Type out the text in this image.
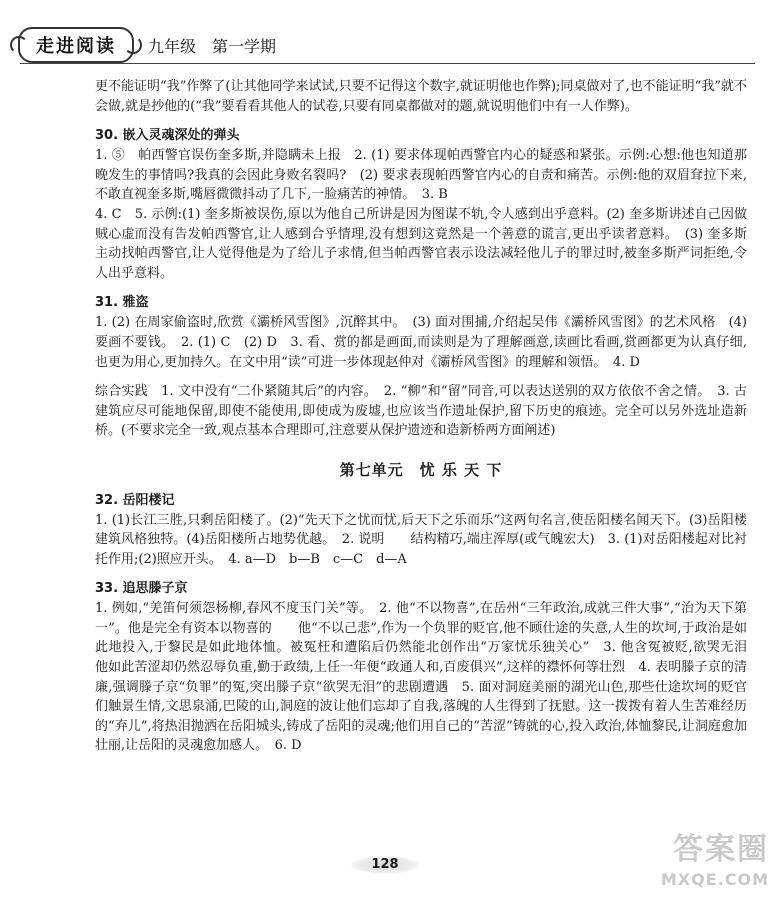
走进阅读 九年级　第一学期

更不能证明“我”作弊了(让其他同学来试试,只要不记得这个数字,就证明他也作弊);同桌做对了,也不能证明“我”就不会做,就是抄他的(“我”要看看其他人的试卷,只要有同桌都做对的题,就说明他们中有一人作弊)。

30. 嵌入灵魂深处的弹头

1. ⑤　帕西警官误伤奎多斯,并隐瞒未上报　2. (1) 要求体现帕西警官内心的疑惑和紧张。示例:心想:他也知道那晚发生的事情吗?我真的会因此身败名裂吗?　(2) 要求表现帕西警官内心的自责和痛苦。示例:他的双眉耷拉下来,不敢直视奎多斯,嘴唇微微抖动了几下,一脸痛苦的神情。　3. B

4. C　5. 示例:(1) 奎多斯被误伤,原以为他自己所讲是因为图谋不轨,令人感到出乎意料。(2) 奎多斯讲述自己因做贼心虚而没有告发帕西警官,让人感到合乎情理,没有想到这竟然是一个善意的谎言,更出乎读者意料。　(3) 奎多斯主动找帕西警官,让人觉得他是为了给儿子求情,但当帕西警官表示设法减轻他儿子的罪过时,被奎多斯严词拒绝,令人出乎意料。

31. 雅盗

1. (2) 在周家偷盗时,欣赏《灞桥风雪图》,沉醉其中。　(3) 面对围捕,介绍起吴伟《灞桥风雪图》的艺术风格　(4) 要画不要钱。　2. (1) C　(2) D　3. 看、赏的都是画面,而读则是为了理解画意,读画比看画,赏画都更为认真仔细,也更为用心,更加持久。在文中用“读”可进一步体现赵仲对《灞桥风雪图》的理解和领悟。　4. D

综合实践　1. 文中没有“二仆紧随其后”的内容。　2. “柳”和“留”同音,可以表达送别的双方依依不舍之情。　3. 古建筑应尽可能地保留,即使不能使用,即使成为废墟,也应该当作遗址保护,留下历史的痕迹。完全可以另外选址造新桥。(不要求完全一致,观点基本合理即可,注意要从保护遗迹和造新桥两方面阐述)

第七单元　忧 乐 天 下

32. 岳阳楼记

1. (1)长江三胜,只剩岳阳楼了。(2)“先天下之忧而忧,后天下之乐而乐”这两句名言,使岳阳楼名闻天下。(3)岳阳楼建筑风格独特。(4)岳阳楼所占地势优越。　2. 说明　　结构精巧,端庄浑厚(或气魄宏大)　3. (1)对岳阳楼起对比衬托作用;(2)照应开头。　4. a—D　b—B　c—C　d—A

33. 追思滕子京

1. 例如,“羌笛何须怨杨柳,春风不度玉门关”等。　2. 他“不以物喜”,在岳州“三年政治,成就三件大事”,“治为天下第一”。他是完全有资本以物喜的　　他“不以己悲”,作为一个负罪的贬官,他不顾仕途的失意,人生的坎坷,于政治是如此地投入,于黎民是如此地体恤。被冤枉和遭陷后仍然能北创作出“万家忧乐独关心”　3. 他含冤被贬,欲哭无泪　　他如此苦涩却仍然忍辱负重,勤于政绩,上任一年便“政通人和,百废俱兴”,这样的襟怀何等壮烈　4. 表明滕子京的清廉,强调滕子京“负罪”的冤,突出滕子京“欲哭无泪”的悲剧遭遇　5. 面对洞庭美丽的湖光山色,那些仕途坎坷的贬官们触景生情,文思泉涌,巴陵的山,洞庭的波让他们忘却了自我,落魄的人生得到了抚慰。这一拨拨有着人生苦难经历的“弃儿”,将热泪抛洒在岳阳城头,铸成了岳阳的灵魂;他们用自己的“苦涩”铸就的心,投入政治,体恤黎民,让洞庭愈加壮丽,让岳阳的灵魂愈加感人。　6. D

128	答案圈
MXQE.COM
